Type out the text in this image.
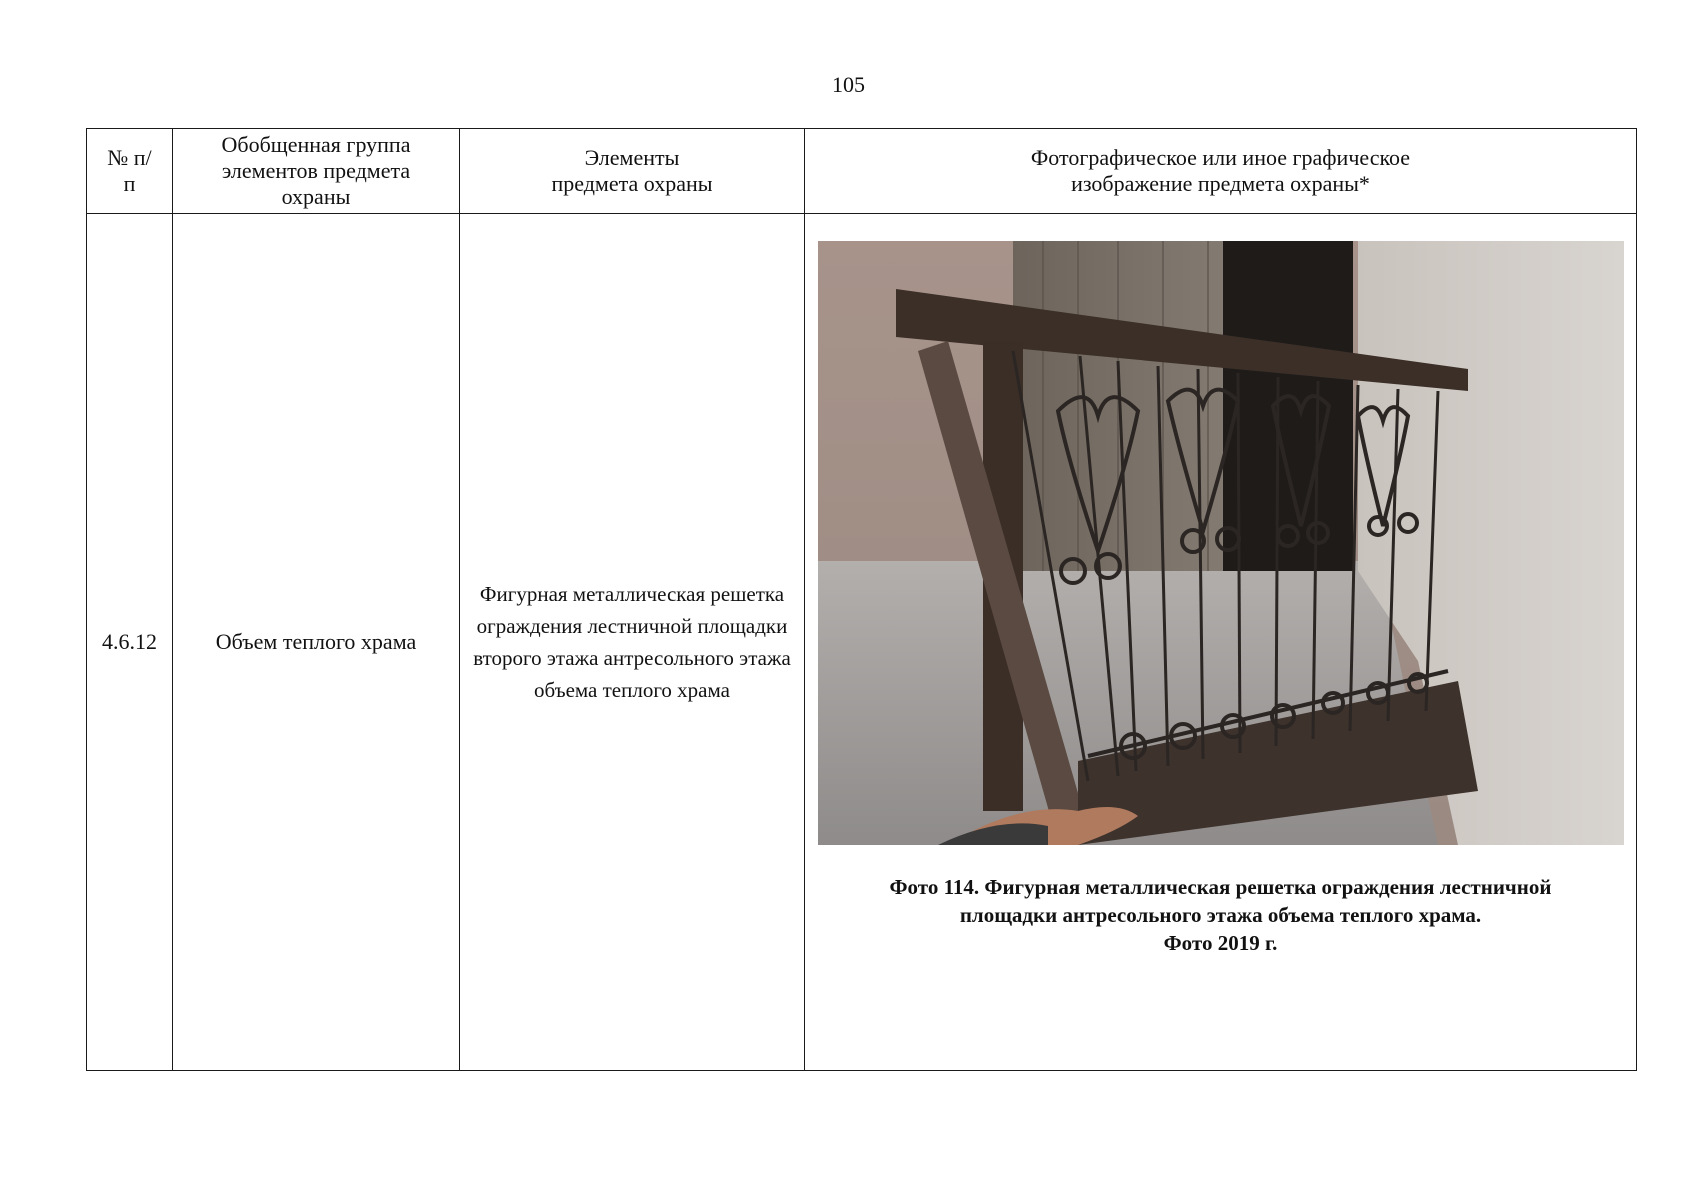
105
№ п/п	Обобщенная группа элементов предмета охраны	Элементы предмета охраны	Фотографическое или иное графическое изображение предмета охраны*
4.6.12	Объем теплого храма	Фигурная металлическая решетка ограждения лестничной площадки второго этажа антресольного этажа объема теплого храма	Фото 114. Фигурная металлическая решетка ограждения лестничной
площадки антресольного этажа объема теплого храма.
Фото 2019 г.
